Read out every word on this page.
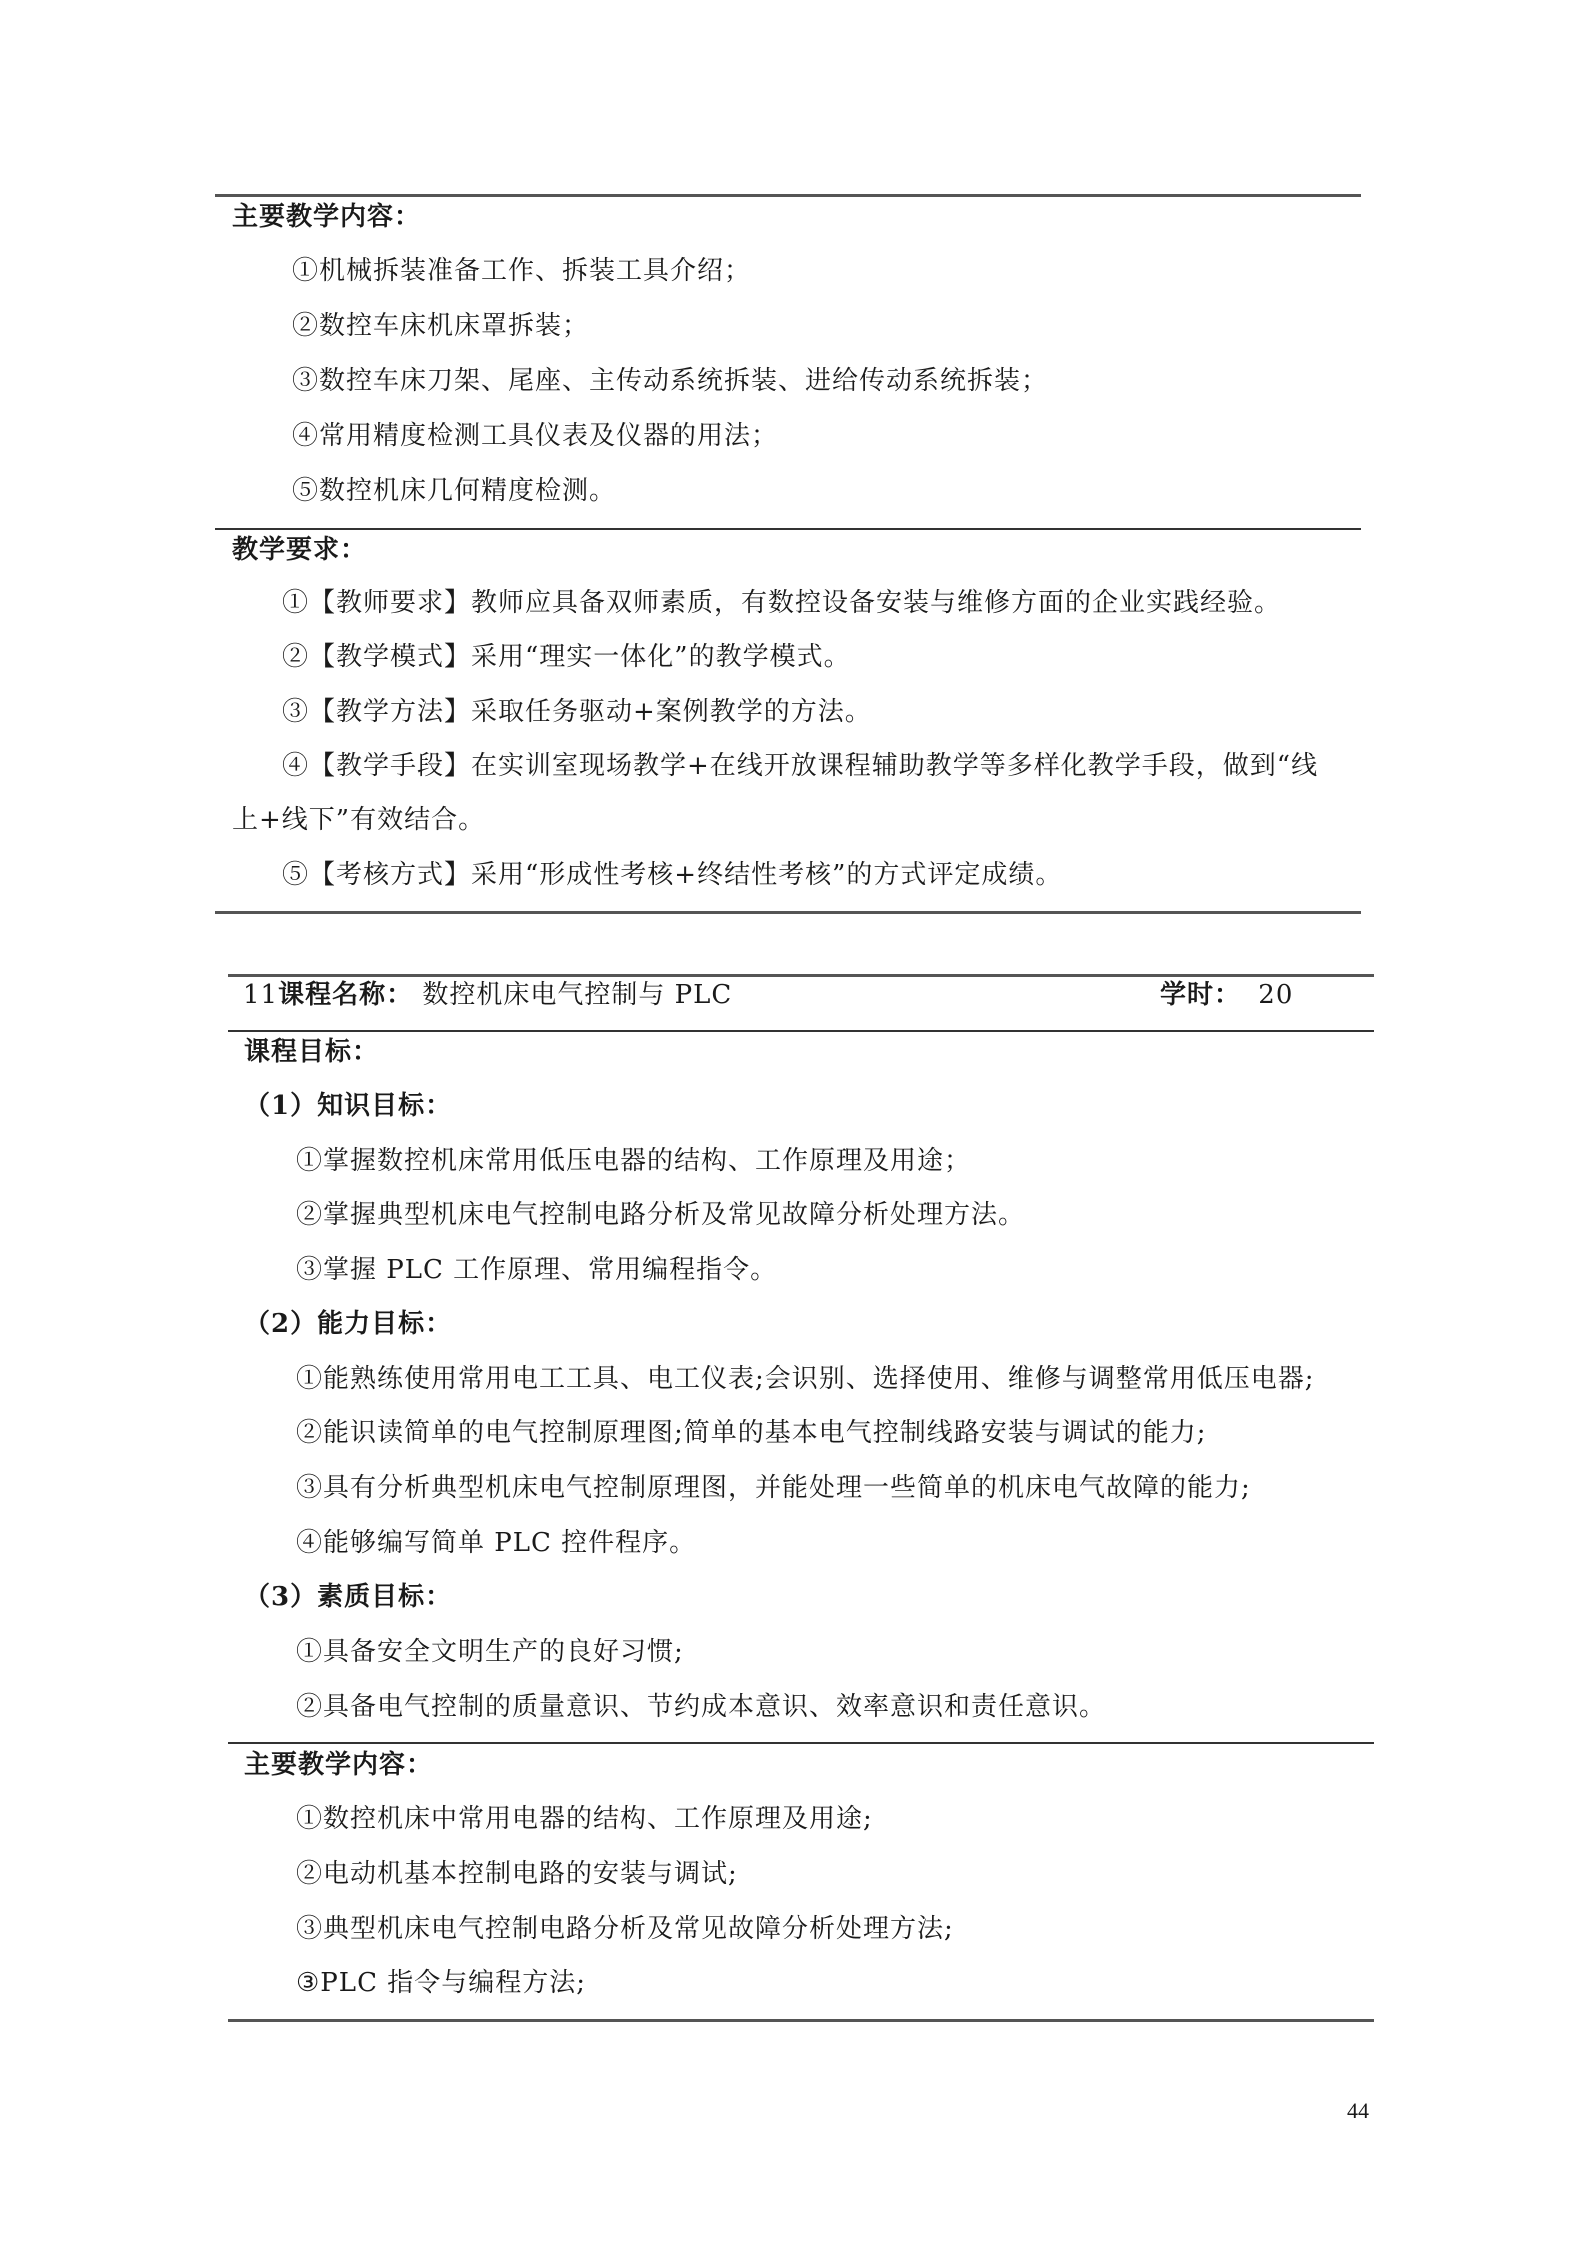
主要教学内容：
①机械拆装准备工作、拆装工具介绍；
②数控车床机床罩拆装；
③数控车床刀架、尾座、主传动系统拆装、进给传动系统拆装；
④常用精度检测工具仪表及仪器的用法；
⑤数控机床几何精度检测。
教学要求：
①【教师要求】教师应具备双师素质，有数控设备安装与维修方面的企业实践经验。
②【教学模式】采用“理实一体化”的教学模式。
③【教学方法】采取任务驱动+案例教学的方法。
④【教学手段】在实训室现场教学+在线开放课程辅助教学等多样化教学手段，做到“线
上+线下”有效结合。
⑤【考核方式】采用“形成性考核+终结性考核”的方式评定成绩。
11课程名称： 数控机床电气控制与 PLC	学时： 20
课程目标：
（1）知识目标：
①掌握数控机床常用低压电器的结构、工作原理及用途；
②掌握典型机床电气控制电路分析及常见故障分析处理方法。
③掌握 PLC 工作原理、常用编程指令。
（2）能力目标：
①能熟练使用常用电工工具、电工仪表;会识别、选择使用、维修与调整常用低压电器;
②能识读简单的电气控制原理图;简单的基本电气控制线路安装与调试的能力;
③具有分析典型机床电气控制原理图，并能处理一些简单的机床电气故障的能力;
④能够编写简单 PLC 控件程序。
（3）素质目标：
①具备安全文明生产的良好习惯;
②具备电气控制的质量意识、节约成本意识、效率意识和责任意识。
主要教学内容：
①数控机床中常用电器的结构、工作原理及用途;
②电动机基本控制电路的安装与调试;
③典型机床电气控制电路分析及常见故障分析处理方法;
③PLC 指令与编程方法;
44
